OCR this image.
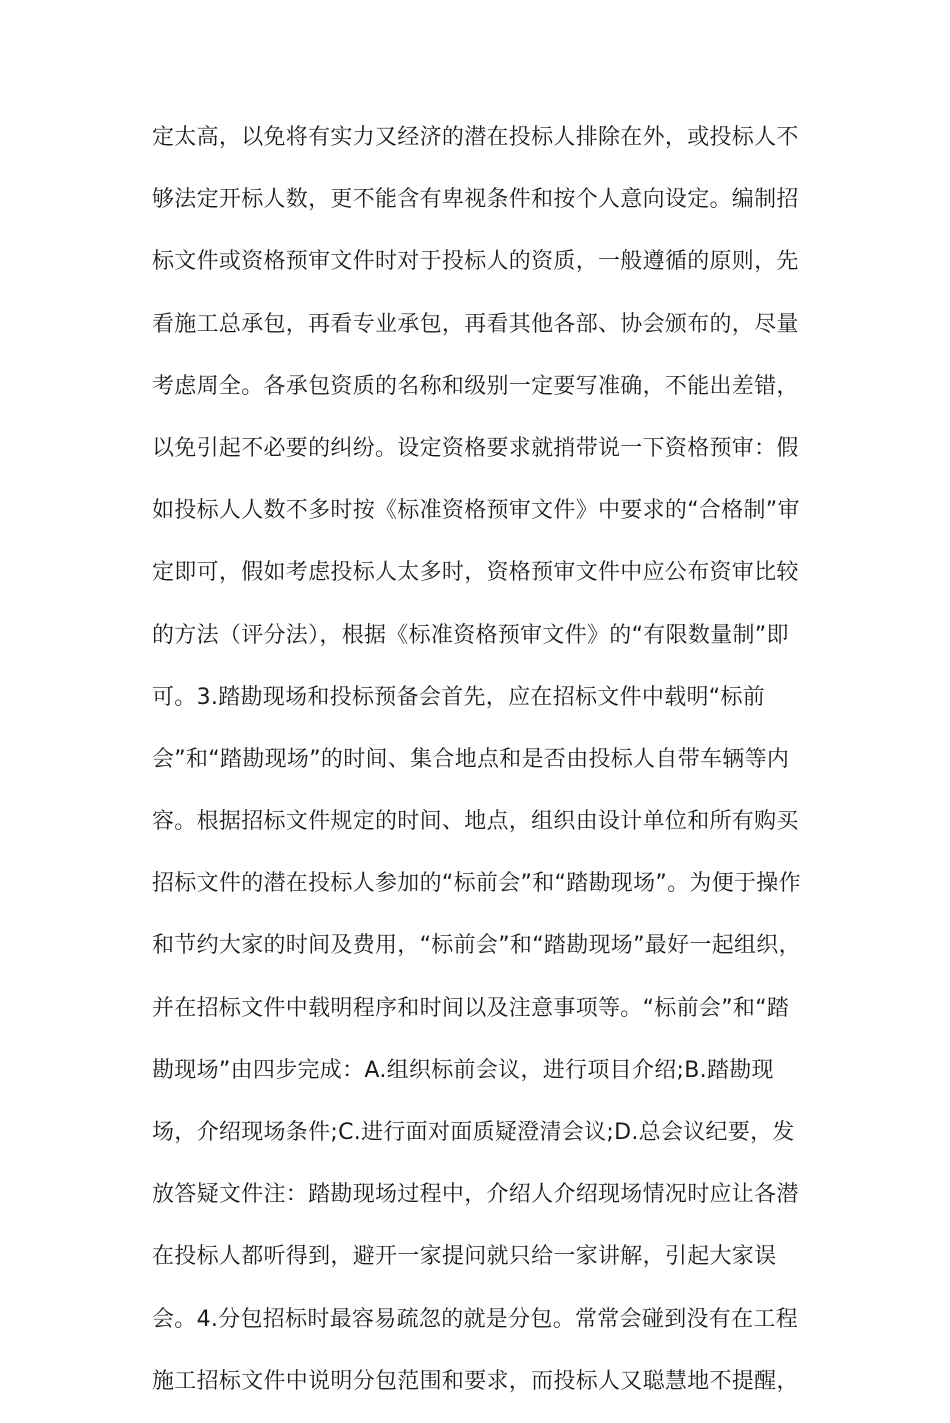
定太高，以免将有实力又经济的潜在投标人排除在外，或投标人不
够法定开标人数，更不能含有卑视条件和按个人意向设定。编制招
标文件或资格预审文件时对于投标人的资质，一般遵循的原则，先
看施工总承包，再看专业承包，再看其他各部、协会颁布的，尽量
考虑周全。各承包资质的名称和级别一定要写准确，不能出差错，
以免引起不必要的纠纷。设定资格要求就捎带说一下资格预审：假
如投标人人数不多时按《标准资格预审文件》中要求的“合格制”审
定即可，假如考虑投标人太多时，资格预审文件中应公布资审比较
的方法（评分法），根据《标准资格预审文件》的“有限数量制”即
可。3.踏勘现场和投标预备会首先，应在招标文件中载明“标前
会”和“踏勘现场”的时间、集合地点和是否由投标人自带车辆等内
容。根据招标文件规定的时间、地点，组织由设计单位和所有购买
招标文件的潜在投标人参加的“标前会”和“踏勘现场”。为便于操作
和节约大家的时间及费用，“标前会”和“踏勘现场”最好一起组织，
并在招标文件中载明程序和时间以及注意事项等。“标前会”和“踏
勘现场”由四步完成：A.组织标前会议，进行项目介绍;B.踏勘现
场，介绍现场条件;C.进行面对面质疑澄清会议;D.总会议纪要，发
放答疑文件注：踏勘现场过程中，介绍人介绍现场情况时应让各潜
在投标人都听得到，避开一家提问就只给一家讲解，引起大家误
会。4.分包招标时最容易疏忽的就是分包。常常会碰到没有在工程
施工招标文件中说明分包范围和要求，而投标人又聪慧地不提醒，
